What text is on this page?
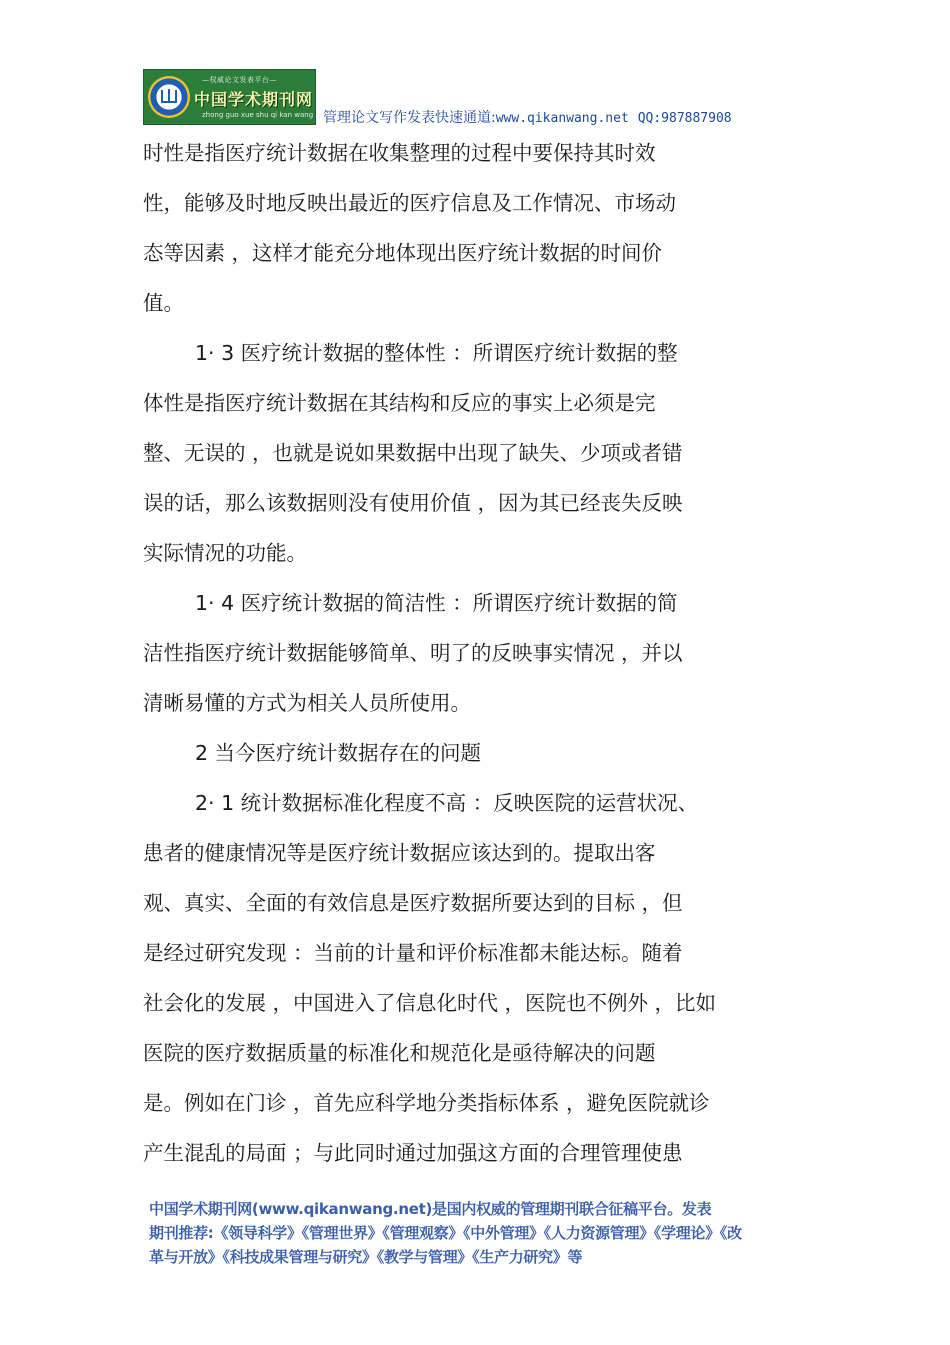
—权威论文发表平台—
中国学术期刊网
zhong guo xue shu qi kan wang 管理论文写作发表快速通道:www.qikanwang.net QQ:987887908
时性是指医疗统计数据在收集整理的过程中要保持其时效
性，能够及时地反映出最近的医疗信息及工作情况、市场动
态等因素 ，这样才能充分地体现出医疗统计数据的时间价
值。
1· 3 医疗统计数据的整体性 ：所谓医疗统计数据的整
体性是指医疗统计数据在其结构和反应的事实上必须是完
整、无误的 ，也就是说如果数据中出现了缺失、少项或者错
误的话，那么该数据则没有使用价值 ，因为其已经丧失反映
实际情况的功能。
1· 4 医疗统计数据的简洁性 ：所谓医疗统计数据的简
洁性指医疗统计数据能够简单、明了的反映事实情况 ，并以
清晰易懂的方式为相关人员所使用。
2 当今医疗统计数据存在的问题
2· 1 统计数据标准化程度不高 ：反映医院的运营状况、
患者的健康情况等是医疗统计数据应该达到的。提取出客
观、真实、全面的有效信息是医疗数据所要达到的目标 ，但
是经过研究发现 ：当前的计量和评价标准都未能达标。随着
社会化的发展 ，中国进入了信息化时代 ，医院也不例外 ，比如
医院的医疗数据质量的标准化和规范化是亟待解决的问题
是。例如在门诊 ，首先应科学地分类指标体系 ，避免医院就诊
产生混乱的局面 ；与此同时通过加强这方面的合理管理使患
中国学术期刊网(www.qikanwang.net)是国内权威的管理期刊联合征稿平台。发表
期刊推荐:《领导科学》《管理世界》《管理观察》《中外管理》《人力资源管理》《学理论》《改
革与开放》《科技成果管理与研究》《教学与管理》《生产力研究》等
